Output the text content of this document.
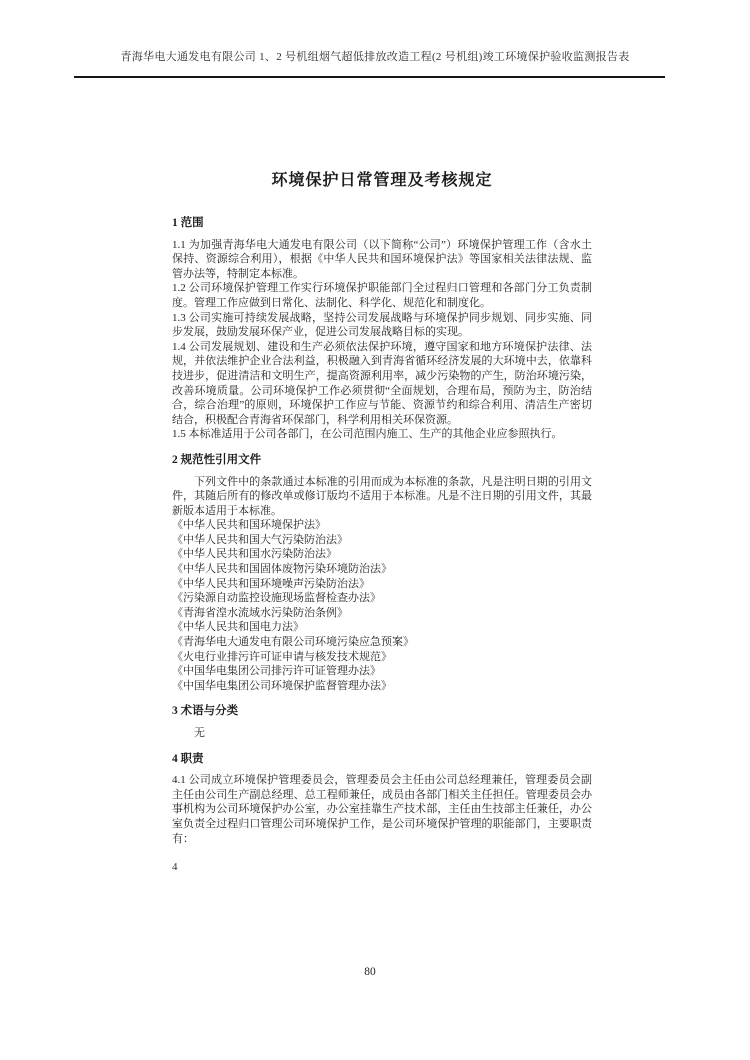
青海华电大通发电有限公司 1、2 号机组烟气超低排放改造工程(2 号机组)竣工环境保护验收监测报告表
环境保护日常管理及考核规定
1 范围

1.1 为加强青海华电大通发电有限公司（以下简称“公司”）环境保护管理工作（含水土保持、资源综合利用），根据《中华人民共和国环境保护法》等国家相关法律法规、监管办法等，特制定本标准。

1.2 公司环境保护管理工作实行环境保护职能部门全过程归口管理和各部门分工负责制度。管理工作应做到日常化、法制化、科学化、规范化和制度化。

1.3 公司实施可持续发展战略，坚持公司发展战略与环境保护同步规划、同步实施、同步发展，鼓励发展环保产业，促进公司发展战略目标的实现。

1.4 公司发展规划、建设和生产必须依法保护环境，遵守国家和地方环境保护法律、法规，并依法维护企业合法利益，积极融入到青海省循环经济发展的大环境中去，依靠科技进步，促进清洁和文明生产，提高资源利用率，减少污染物的产生，防治环境污染，改善环境质量。公司环境保护工作必须贯彻“全面规划，合理布局，预防为主，防治结合，综合治理”的原则，环境保护工作应与节能、资源节约和综合利用、清洁生产密切结合，积极配合青海省环保部门，科学利用相关环保资源。

1.5 本标准适用于公司各部门，在公司范围内施工、生产的其他企业应参照执行。

2 规范性引用文件

下列文件中的条款通过本标准的引用而成为本标准的条款，凡是注明日期的引用文件，其随后所有的修改单或修订版均不适用于本标准。凡是不注日期的引用文件，其最新版本适用于本标准。

《中华人民共和国环境保护法》

《中华人民共和国大气污染防治法》

《中华人民共和国水污染防治法》

《中华人民共和国固体废物污染环境防治法》

《中华人民共和国环境噪声污染防治法》

《污染源自动监控设施现场监督检查办法》

《青海省湟水流域水污染防治条例》

《中华人民共和国电力法》

《青海华电大通发电有限公司环境污染应急预案》

《火电行业排污许可证申请与核发技术规范》

《中国华电集团公司排污许可证管理办法》

《中国华电集团公司环境保护监督管理办法》

3 术语与分类

无

4 职责

4.1 公司成立环境保护管理委员会，管理委员会主任由公司总经理兼任，管理委员会副主任由公司生产副总经理、总工程师兼任，成员由各部门相关主任担任。管理委员会办事机构为公司环境保护办公室，办公室挂靠生产技术部，主任由生技部主任兼任，办公室负责全过程归口管理公司环境保护工作，是公司环境保护管理的职能部门，主要职责有：

4
80
